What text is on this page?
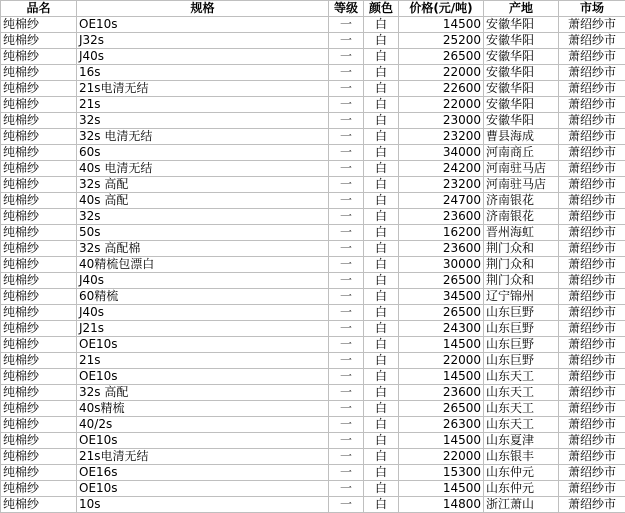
品名	规格	等级	颜色	价格(元/吨)	产地	市场
纯棉纱	OE10s	一	白	14500	安徽华阳	萧绍纱市
纯棉纱	J32s	一	白	25200	安徽华阳	萧绍纱市
纯棉纱	J40s	一	白	26500	安徽华阳	萧绍纱市
纯棉纱	16s	一	白	22000	安徽华阳	萧绍纱市
纯棉纱	21s电清无结	一	白	22600	安徽华阳	萧绍纱市
纯棉纱	21s	一	白	22000	安徽华阳	萧绍纱市
纯棉纱	32s	一	白	23000	安徽华阳	萧绍纱市
纯棉纱	32s 电清无结	一	白	23200	曹县海成	萧绍纱市
纯棉纱	60s	一	白	34000	河南商丘	萧绍纱市
纯棉纱	40s 电清无结	一	白	24200	河南驻马店	萧绍纱市
纯棉纱	32s 高配	一	白	23200	河南驻马店	萧绍纱市
纯棉纱	40s 高配	一	白	24700	济南银花	萧绍纱市
纯棉纱	32s	一	白	23600	济南银花	萧绍纱市
纯棉纱	50s	一	白	16200	晋州海虹	萧绍纱市
纯棉纱	32s 高配棉	一	白	23600	荆门众和	萧绍纱市
纯棉纱	40精梳包漂白	一	白	30000	荆门众和	萧绍纱市
纯棉纱	J40s	一	白	26500	荆门众和	萧绍纱市
纯棉纱	60精梳	一	白	34500	辽宁锦州	萧绍纱市
纯棉纱	J40s	一	白	26500	山东巨野	萧绍纱市
纯棉纱	J21s	一	白	24300	山东巨野	萧绍纱市
纯棉纱	OE10s	一	白	14500	山东巨野	萧绍纱市
纯棉纱	21s	一	白	22000	山东巨野	萧绍纱市
纯棉纱	OE10s	一	白	14500	山东天工	萧绍纱市
纯棉纱	32s 高配	一	白	23600	山东天工	萧绍纱市
纯棉纱	40s精梳	一	白	26500	山东天工	萧绍纱市
纯棉纱	40/2s	一	白	26300	山东天工	萧绍纱市
纯棉纱	OE10s	一	白	14500	山东夏津	萧绍纱市
纯棉纱	21s电清无结	一	白	22000	山东银丰	萧绍纱市
纯棉纱	OE16s	一	白	15300	山东仲元	萧绍纱市
纯棉纱	OE10s	一	白	14500	山东仲元	萧绍纱市
纯棉纱	10s	一	白	14800	浙江萧山	萧绍纱市
